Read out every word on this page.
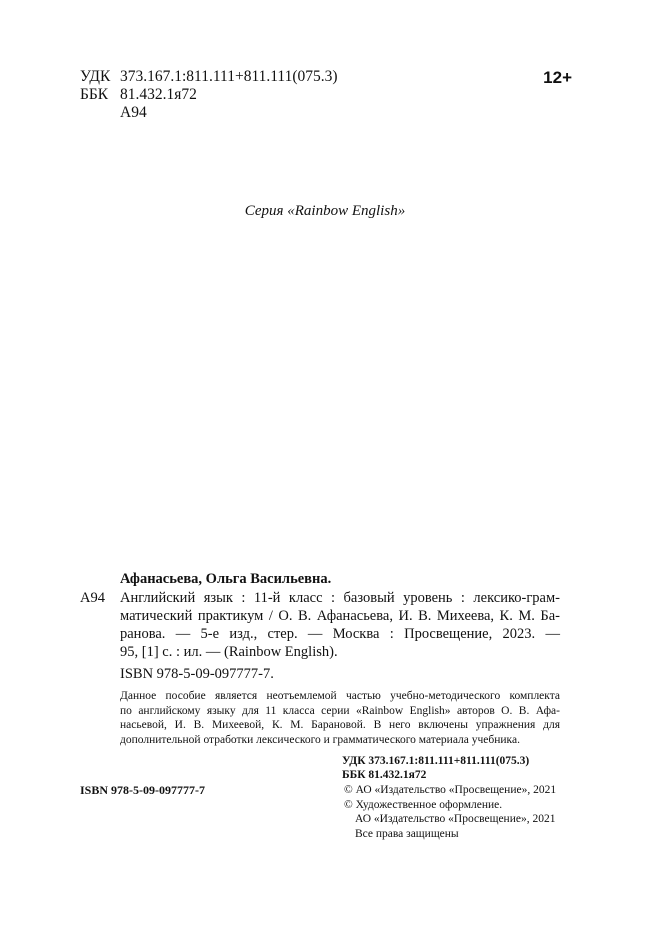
УДК 373.167.1:811.111+811.111(075.3)
ББК 81.432.1я72
А94
12+
Серия «Rainbow English»
Афанасьева, Ольга Васильевна.
А94 Английский язык : 11-й класс : базовый уровень : лексико-грам-
матический практикум / О. В. Афанасьева, И. В. Михеева, К. М. Ба-
ранова. — 5-е изд., стер. — Москва : Просвещение, 2023. —
95, [1] с. : ил. — (Rainbow English).
ISBN 978-5-09-097777-7.
Данное пособие является неотъемлемой частью учебно-методического комплекта
по английскому языку для 11 класса серии «Rainbow English» авторов О. В. Афа-
насьевой, И. В. Михеевой, К. М. Барановой. В него включены упражнения для
дополнительной отработки лексического и грамматического материала учебника.
УДК 373.167.1:811.111+811.111(075.3)
ББК 81.432.1я72
ISBN 978-5-09-097777-7	© АО «Издательство «Просвещение», 2021
© Художественное оформление.
АО «Издательство «Просвещение», 2021
Все права защищены
